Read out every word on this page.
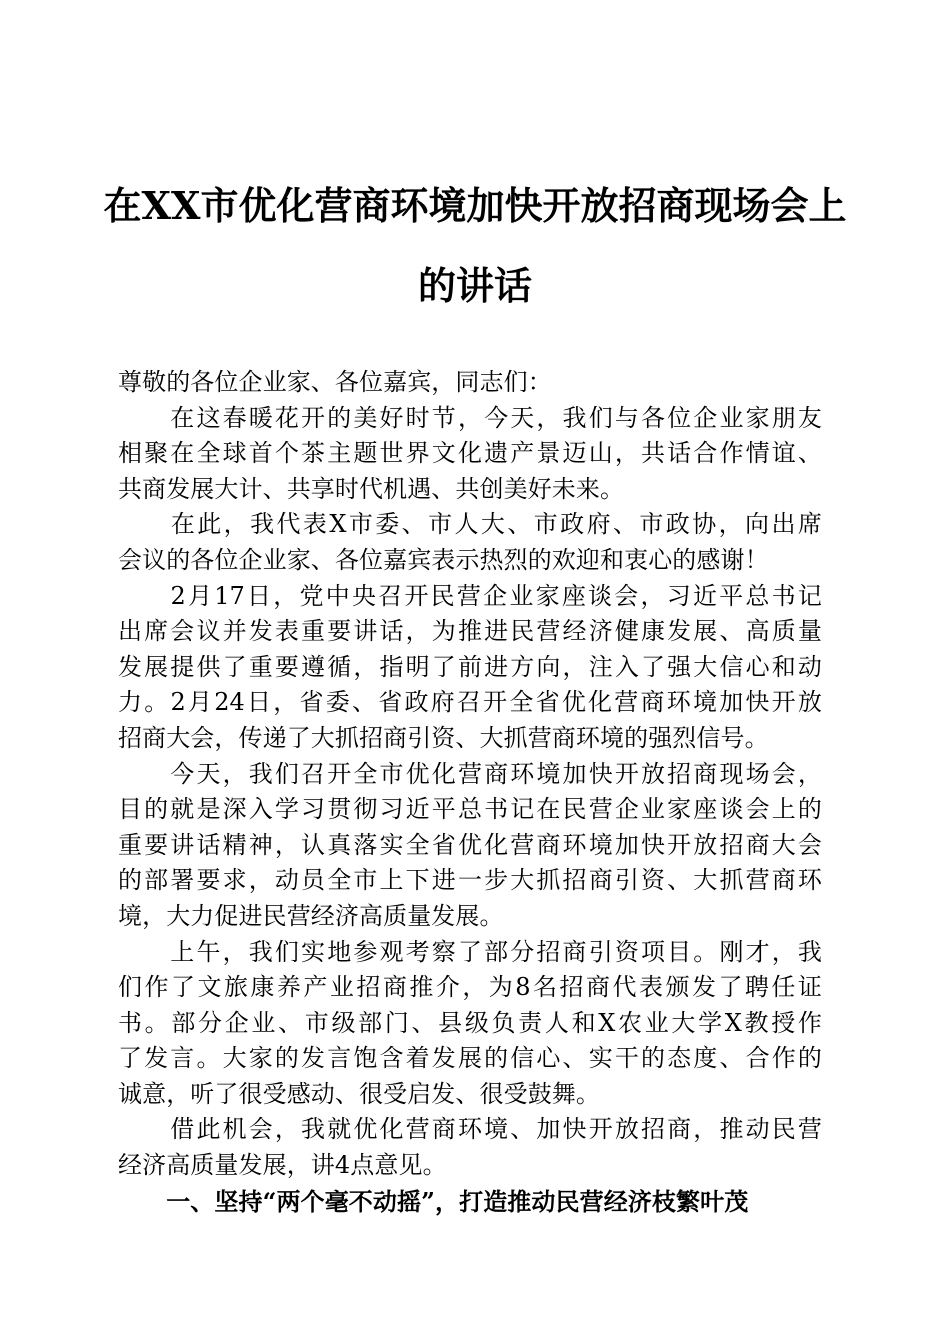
在XX市优化营商环境加快开放招商现场会上
的讲话

尊敬的各位企业家、各位嘉宾，同志们：

　　在这春暖花开的美好时节，今天，我们与各位企业家朋友
相聚在全球首个茶主题世界文化遗产景迈山，共话合作情谊、
共商发展大计、共享时代机遇、共创美好未来。

　　在此，我代表X市委、市人大、市政府、市政协，向出席
会议的各位企业家、各位嘉宾表示热烈的欢迎和衷心的感谢！

　　2月17日，党中央召开民营企业家座谈会，习近平总书记
出席会议并发表重要讲话，为推进民营经济健康发展、高质量
发展提供了重要遵循，指明了前进方向，注入了强大信心和动
力。2月24日，省委、省政府召开全省优化营商环境加快开放
招商大会，传递了大抓招商引资、大抓营商环境的强烈信号。

　　今天，我们召开全市优化营商环境加快开放招商现场会，
目的就是深入学习贯彻习近平总书记在民营企业家座谈会上的
重要讲话精神，认真落实全省优化营商环境加快开放招商大会
的部署要求，动员全市上下进一步大抓招商引资、大抓营商环
境，大力促进民营经济高质量发展。

　　上午，我们实地参观考察了部分招商引资项目。刚才，我
们作了文旅康养产业招商推介，为8名招商代表颁发了聘任证
书。部分企业、市级部门、县级负责人和X农业大学X教授作
了发言。大家的发言饱含着发展的信心、实干的态度、合作的
诚意，听了很受感动、很受启发、很受鼓舞。

　　借此机会，我就优化营商环境、加快开放招商，推动民营
经济高质量发展，讲4点意见。

　　一、坚持“两个毫不动摇”，打造推动民营经济枝繁叶茂
